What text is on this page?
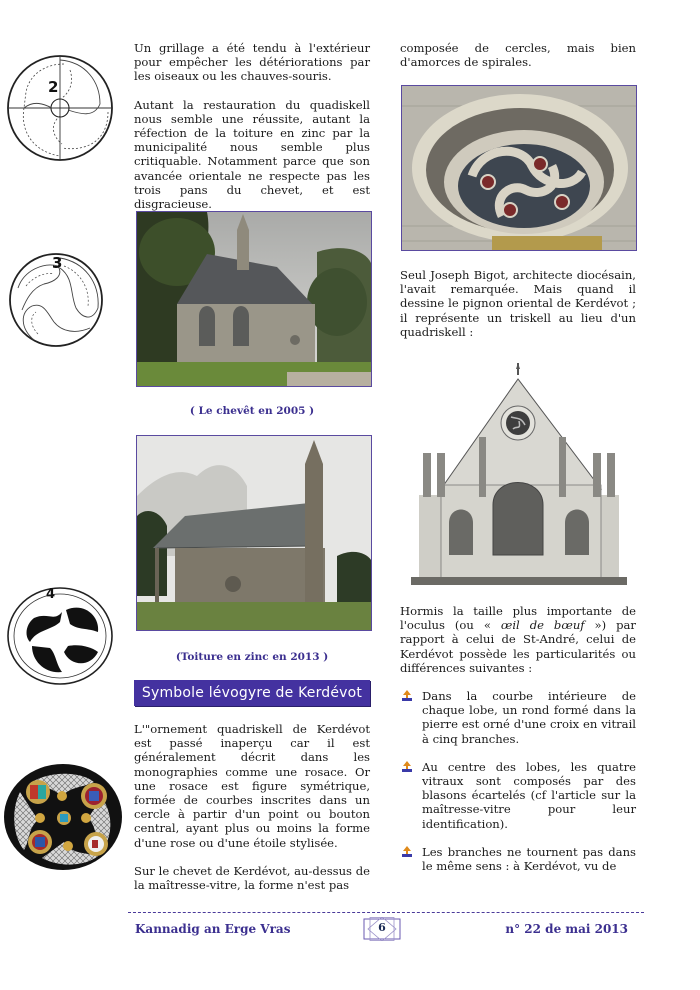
2
3
4

Un grillage a été tendu à l'extérieur pour empêcher les détériorations par les oiseaux ou les chauves-souris.

Autant la restauration du quadiskell nous semble une réussite, autant la réfection de la toiture en zinc par la municipalité nous semble plus critiquable. Notamment parce que son avancée orientale ne respecte pas les trois pans du chevet, et est disgracieuse.

( Le chevêt en 2005 )
(Toiture en zinc en 2013 )
Symbole lévogyre de Kerdévot

L'"ornement quadriskell de Kerdévot est passé inaperçu car il est généralement décrit dans les monographies comme une rosace. Or une rosace est figure symétrique, formée de courbes inscrites dans un cercle à partir d'un point ou bouton central, ayant plus ou moins la forme d'une rose ou d'une étoile stylisée.

Sur le chevet de Kerdévot, au-dessus de la maîtresse-vitre, la forme n'est pas

composée de cercles, mais bien d'amorces de spirales.

Seul Joseph Bigot, architecte diocésain, l'avait remarquée. Mais quand il dessine le pignon oriental de Kerdévot ; il représente un triskell au lieu d'un quadriskell :

Hormis la taille plus importante de l'oculus (ou « œil de bœuf ») par rapport à celui de St-André, celui de Kerdévot possède les particularités ou différences suivantes :

Dans la courbe intérieure de chaque lobe, un rond formé dans la pierre est orné d'une croix en vitrail à cinq branches.
Au centre des lobes, les quatre vitraux sont composés par des blasons écartelés (cf l'article sur la maîtresse-vitre pour leur identification).
Les branches ne tournent pas dans le même sens : à Kerdévot, vu de
Kannadig an Erge Vras	6	n° 22 de mai 2013
